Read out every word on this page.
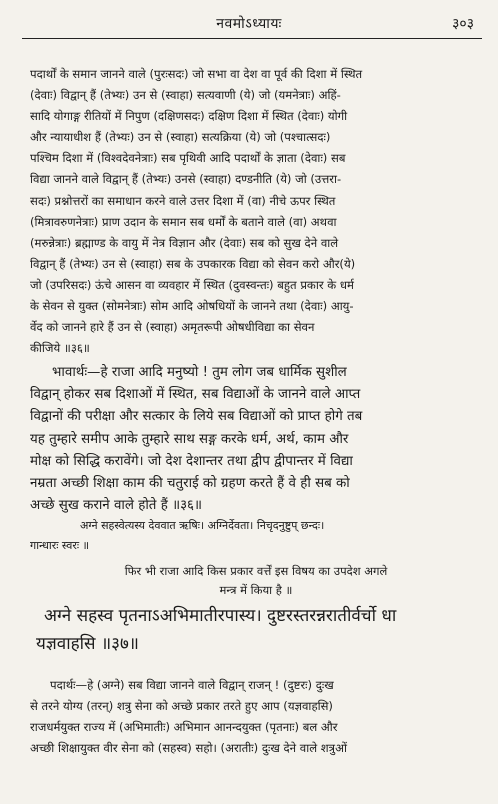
नवमोऽध्यायः	३०३
पदार्थों के समान जानने वाले (पुरःसदः) जो सभा वा देश वा पूर्व की दिशा में स्थित
(देवाः) विद्वान् हैं (तेभ्यः) उन से (स्वाहा) सत्यवाणी (ये) जो (यमनेत्राः) अहिं-
सादि योगाङ्ग रीतियों में निपुण (दक्षिणसदः) दक्षिण दिशा में स्थित (देवाः) योगी
और न्यायाधीश हैं (तेभ्यः) उन से (स्वाहा) सत्यक्रिया (ये) जो (पश्चात्सदः)
पश्चिम दिशा में (विश्वदेवनेत्राः) सब पृथिवी आदि पदार्थों के ज्ञाता (देवाः) सब
विद्या जानने वाले विद्वान् हैं (तेभ्यः) उनसे (स्वाहा) दण्डनीति (ये) जो (उत्तरा-
सदः) प्रश्नोत्तरों का समाधान करने वाले उत्तर दिशा में (वा) नीचे ऊपर स्थित
(मित्रावरुणनेत्राः) प्राण उदान के समान सब धर्मों के बताने वाले (वा) अथवा
(मरुन्नेत्राः) ब्रह्माण्ड के वायु में नेत्र विज्ञान और (देवाः) सब को सुख देने वाले
विद्वान् हैं (तेभ्यः) उन से (स्वाहा) सब के उपकारक विद्या को सेवन करो और(ये)
जो (उपरिसदः) ऊंचे आसन वा व्यवहार में स्थित (दुवस्वन्तः) बहुत प्रकार के धर्म
के सेवन से युक्त (सोमनेत्राः) सोम आदि ओषधियों के जानने तथा (देवाः) आयु-
र्वेद को जानने हारे हैं उन से (स्वाहा) अमृतरूपी ओषधीविद्या का सेवन
कीजिये ॥३६॥
भावार्थः—हे राजा आदि मनुष्यो ! तुम लोग जब धार्मिक सुशील
विद्वान् होकर सब दिशाओं में स्थित, सब विद्याओं के जानने वाले आप्त
विद्वानों की परीक्षा और सत्कार के लिये सब विद्याओं को प्राप्त होगे तब
यह तुम्हारे समीप आके तुम्हारे साथ सङ्ग करके धर्म, अर्थ, काम और
मोक्ष को सिद्धि करावेंगे। जो देश देशान्तर तथा द्वीप द्वीपान्तर में विद्या
नम्रता अच्छी शिक्षा काम की चतुराई को ग्रहण करते हैं वे ही सब को
अच्छे सुख कराने वाले होते हैं ॥३६॥
अग्ने सहस्वेत्यस्य देववात ऋषिः। अग्निर्देवता। निचृदनुष्टुप् छन्दः।
गान्धारः स्वरः ॥
फिर भी राजा आदि किस प्रकार वर्त्तें इस विषय का उपदेश अगले
मन्त्र में किया है ॥
अग्ने सहस्व पृतनाऽअभिमातीरपास्य। दुष्टरस्तरन्नरातीर्वर्चो धा
यज्ञवाहसि ॥३७॥
पदार्थः—हे (अग्ने) सब विद्या जानने वाले विद्वान् राजन् ! (दुष्टरः) दुःख
से तरने योग्य (तरन्) शत्रु सेना को अच्छे प्रकार तरते हुए आप (यज्ञवाहसि)
राजधर्मयुक्त राज्य में (अभिमातीः) अभिमान आनन्दयुक्त (पृतनाः) बल और
अच्छी शिक्षायुक्त वीर सेना को (सहस्व) सहो। (अरातीः) दुःख देने वाले शत्रुओं
